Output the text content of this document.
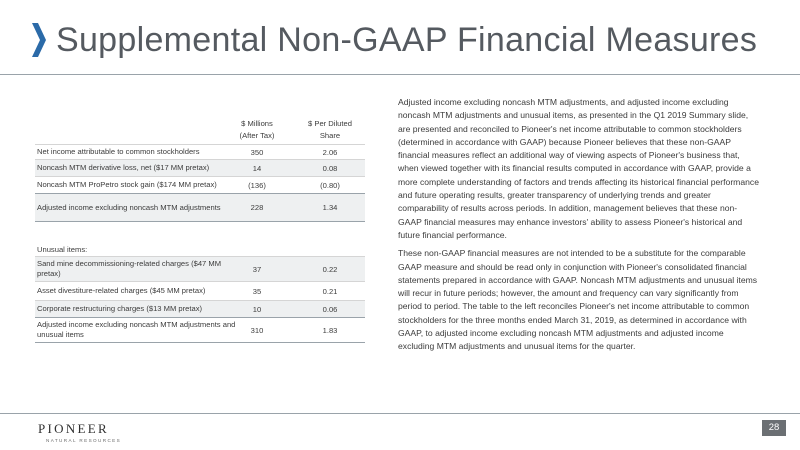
Supplemental Non-GAAP Financial Measures
$ Millions
(After Tax)
$ Per Diluted
Share
Net income attributable to common stockholders	350	2.06
Noncash MTM derivative loss, net ($17 MM pretax)	14	0.08
Noncash MTM ProPetro stock gain ($174 MM pretax)	(136)	(0.80)
Adjusted income excluding noncash MTM adjustments	228	1.34
Unusual items:
Sand mine decommissioning-related charges ($47 MM pretax)	37	0.22
Asset divestiture-related charges ($45 MM pretax)	35	0.21
Corporate restructuring charges ($13 MM pretax)	10	0.06
Adjusted income excluding noncash MTM adjustments and unusual items	310	1.83

Adjusted income excluding noncash MTM adjustments, and adjusted income excluding noncash MTM adjustments and unusual items, as presented in the Q1 2019 Summary slide, are presented and reconciled to Pioneer's net income attributable to common stockholders (determined in accordance with GAAP) because Pioneer believes that these non-GAAP financial measures reflect an additional way of viewing aspects of Pioneer's business that, when viewed together with its financial results computed in accordance with GAAP, provide a more complete understanding of factors and trends affecting its historical financial performance and future operating results, greater transparency of underlying trends and greater comparability of results across periods. In addition, management believes that these non-GAAP financial measures may enhance investors' ability to assess Pioneer's historical and future financial performance.

These non-GAAP financial measures are not intended to be a substitute for the comparable GAAP measure and should be read only in conjunction with Pioneer's consolidated financial statements prepared in accordance with GAAP. Noncash MTM adjustments and unusual items will recur in future periods; however, the amount and frequency can vary significantly from period to period. The table to the left reconciles Pioneer's net income attributable to common stockholders for the three months ended March 31, 2019, as determined in accordance with GAAP, to adjusted income excluding noncash MTM adjustments and adjusted income excluding MTM adjustments and unusual items for the quarter.

PIONEER
NATURAL RESOURCES
28
